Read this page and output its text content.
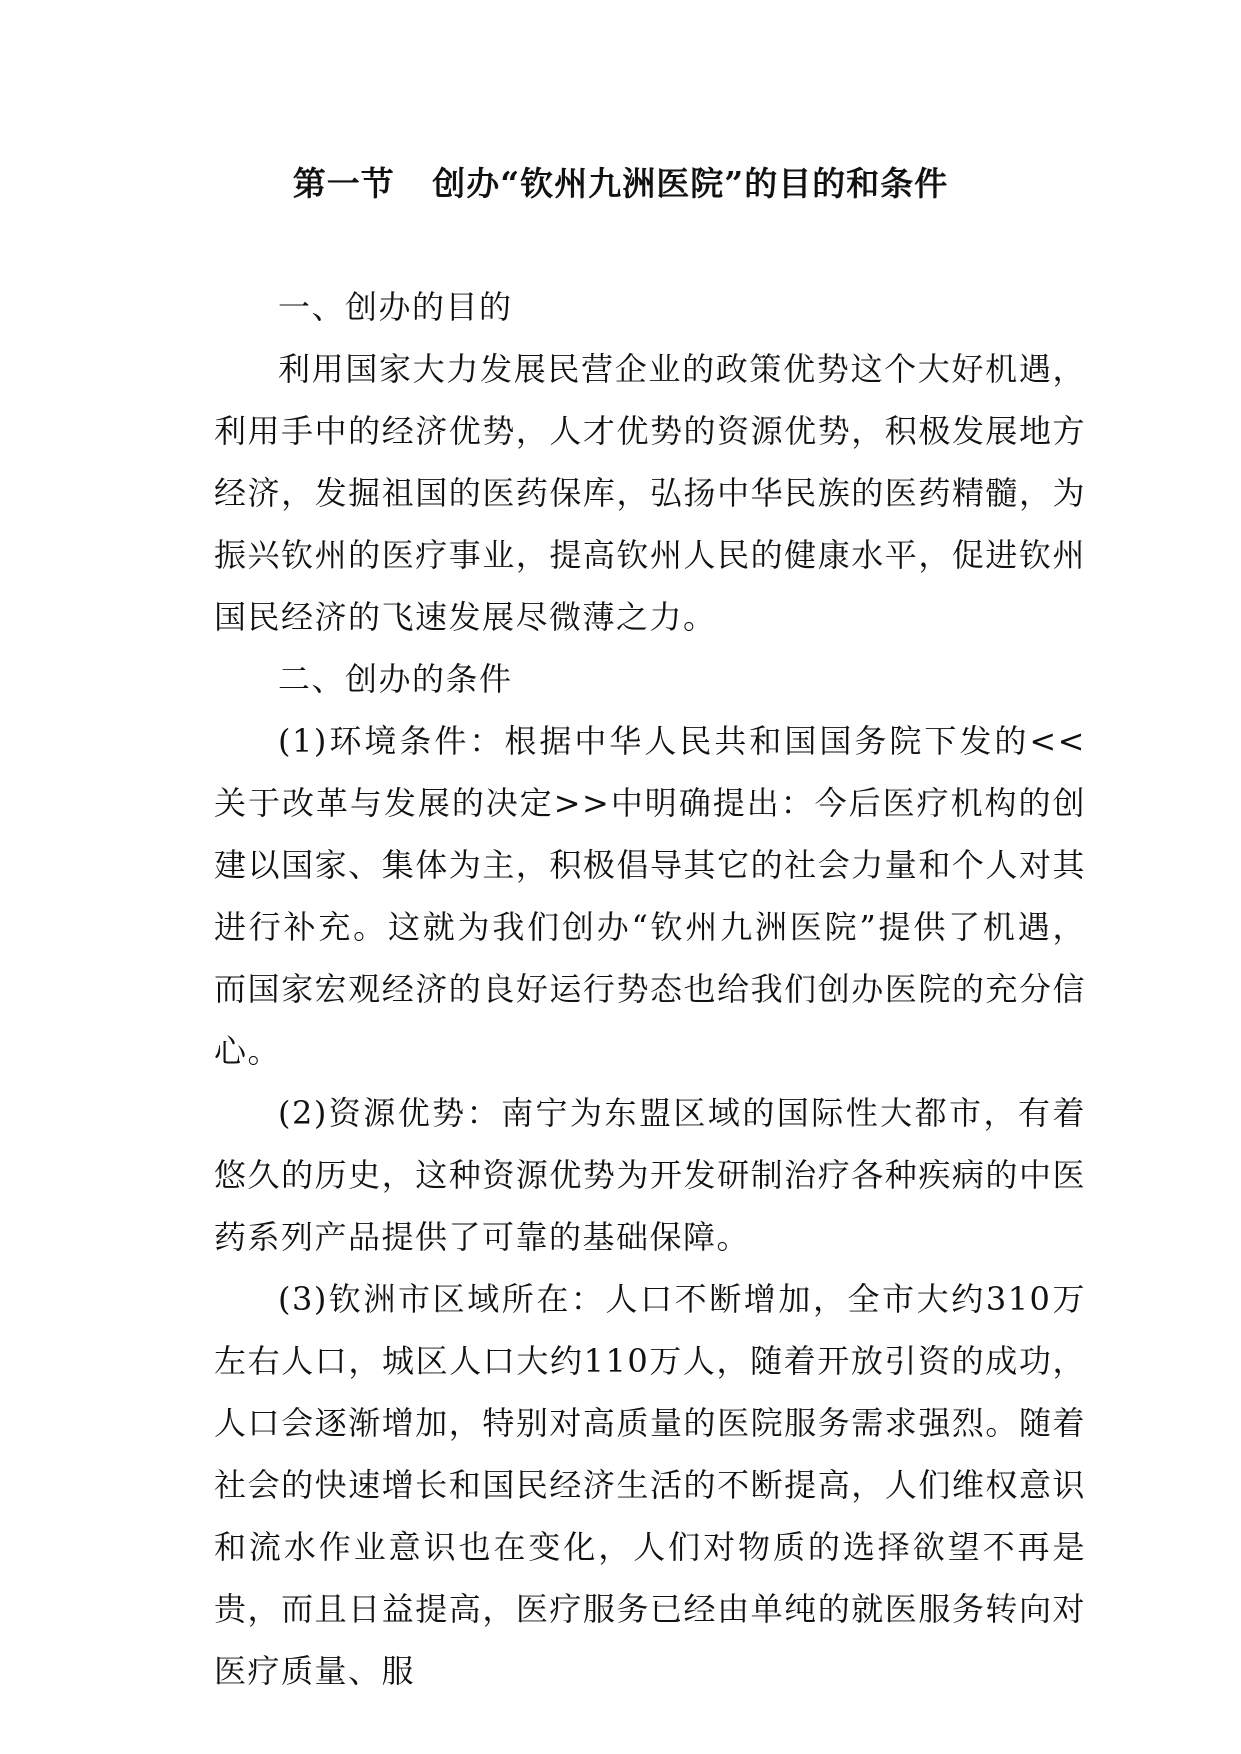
第一节   创办“钦州九洲医院”的目的和条件

一、创办的目的

利用国家大力发展民营企业的政策优势这个大好机遇，利用手中的经济优势，人才优势的资源优势，积极发展地方经济，发掘祖国的医药保库，弘扬中华民族的医药精髓，为振兴钦州的医疗事业，提高钦州人民的健康水平，促进钦州国民经济的飞速发展尽微薄之力。

二、创办的条件

(1)环境条件：根据中华人民共和国国务院下发的<<关于改革与发展的决定>>中明确提出：今后医疗机构的创建以国家、集体为主，积极倡导其它的社会力量和个人对其进行补充。这就为我们创办“钦州九洲医院”提供了机遇，而国家宏观经济的良好运行势态也给我们创办医院的充分信心。

(2)资源优势：南宁为东盟区域的国际性大都市，有着悠久的历史，这种资源优势为开发研制治疗各种疾病的中医药系列产品提供了可靠的基础保障。

(3)钦洲市区域所在：人口不断增加，全市大约310万左右人口，城区人口大约110万人，随着开放引资的成功，人口会逐渐增加，特别对高质量的医院服务需求强烈。随着社会的快速增长和国民经济生活的不断提高，人们维权意识和流水作业意识也在变化，人们对物质的选择欲望不再是贵，而且日益提高，医疗服务已经由单纯的就医服务转向对医疗质量、服
